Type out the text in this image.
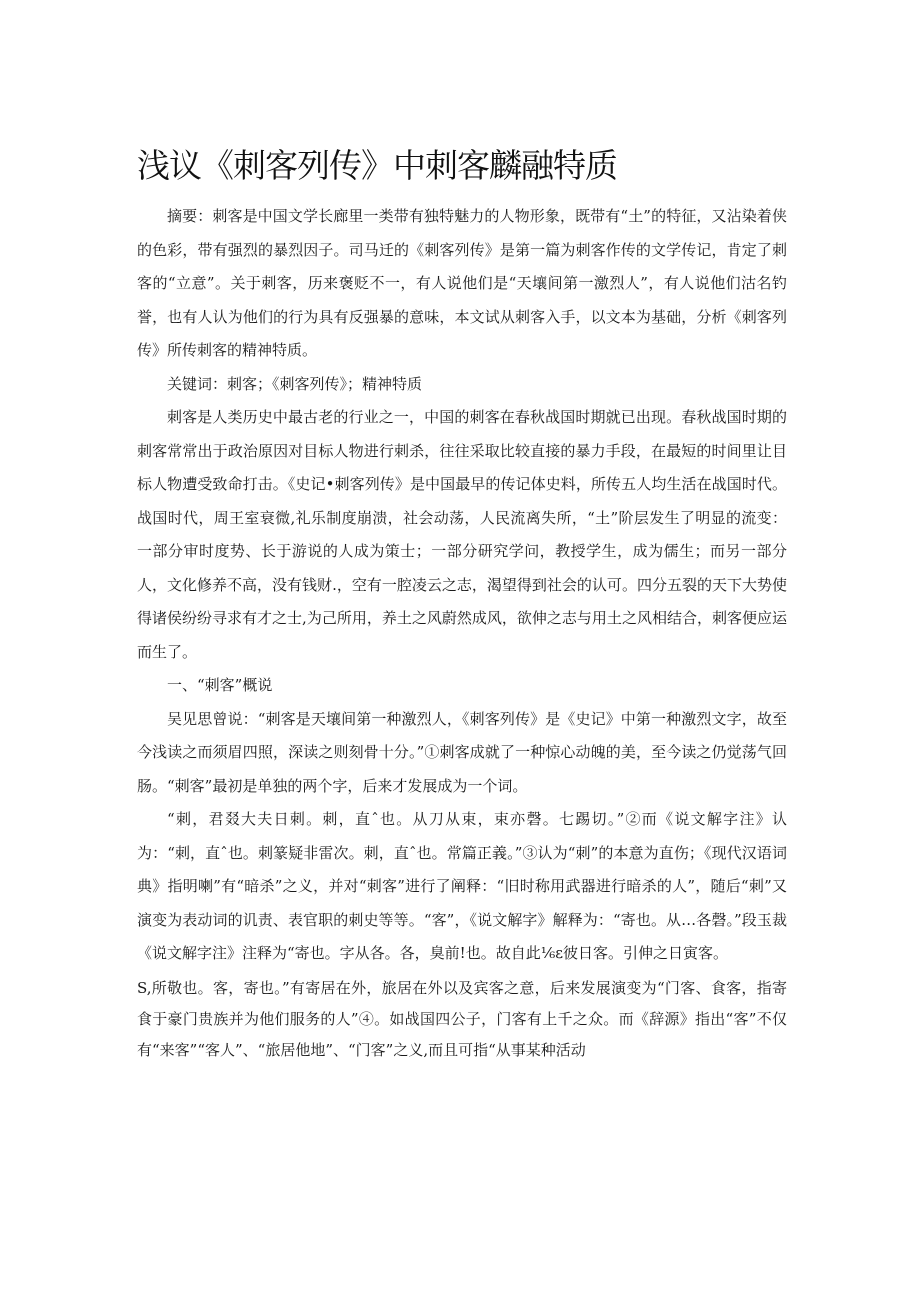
浅议《刺客列传》中刺客麟融特质

摘要：刺客是中国文学长廊里一类带有独特魅力的人物形象，既带有“土”的特征，又沾染着侠的色彩，带有强烈的暴烈因子。司马迁的《刺客列传》是第一篇为刺客作传的文学传记，肯定了刺客的“立意”。关于刺客，历来褒贬不一，有人说他们是“天壤间第一激烈人”，有人说他们沽名钓誉，也有人认为他们的行为具有反强暴的意味，本文试从刺客入手，以文本为基础，分析《刺客列传》所传刺客的精神特质。

关键词：刺客；《刺客列传》；精神特质

刺客是人类历史中最古老的行业之一，中国的刺客在春秋战国时期就已出现。春秋战国时期的刺客常常出于政治原因对目标人物进行刺杀，往往采取比较直接的暴力手段，在最短的时间里让目标人物遭受致命打击。《史记•刺客列传》是中国最早的传记体史料，所传五人均生活在战国时代。战国时代，周王室衰微,礼乐制度崩溃，社会动荡，人民流离失所，“土”阶层发生了明显的流变：一部分审时度势、长于游说的人成为策士；一部分研究学问，教授学生，成为儒生；而另一部分人，文化修养不高，没有钱财.，空有一腔凌云之志，渴望得到社会的认可。四分五裂的天下大势使得诸侯纷纷寻求有才之士,为己所用，养土之风蔚然成风，欲伸之志与用土之风相结合，刺客便应运而生了。

一、“刺客”概说

吴见思曾说：“刺客是天壤间第一种激烈人，《刺客列传》是《史记》中第一种激烈文字，故至今浅读之而须眉四照，深读之则刻骨十分。”①刺客成就了一种惊心动魄的美，至今读之仍觉荡气回肠。“刺客”最初是单独的两个字，后来才发展成为一个词。

“刺，君叕大夫日刺。刺，直ˆ也。从刀从束，束亦磬。七踢切。”②而《说文解字注》认为：“刺，直ˆ也。刺篆疑非雷次。刺，直ˆ也。常篇正義。”③认为“刺”的本意为直伤；《现代汉语词典》指明喇”有“暗杀”之义，并对“刺客”进行了阐释：“旧时称用武器进行暗杀的人”，随后“刺”又演变为表动词的讥责、表官职的刺史等等。“客”，《说文解字》解释为：“寄也。从…各磬。”段玉裁《说文解字注》注释为“寄也。字从各。各，臭前!也。故自此⅙ε彼日客。引伸之日寅客。

S,所敬也。客，寄也。”有寄居在外，旅居在外以及宾客之意，后来发展演变为“门客、食客，指寄食于豪门贵族并为他们服务的人”④。如战国四公子，门客有上千之众。而《辞源》指出“客”不仅有“来客”“客人”、“旅居他地”、“门客”之义,而且可指“从事某种活动
